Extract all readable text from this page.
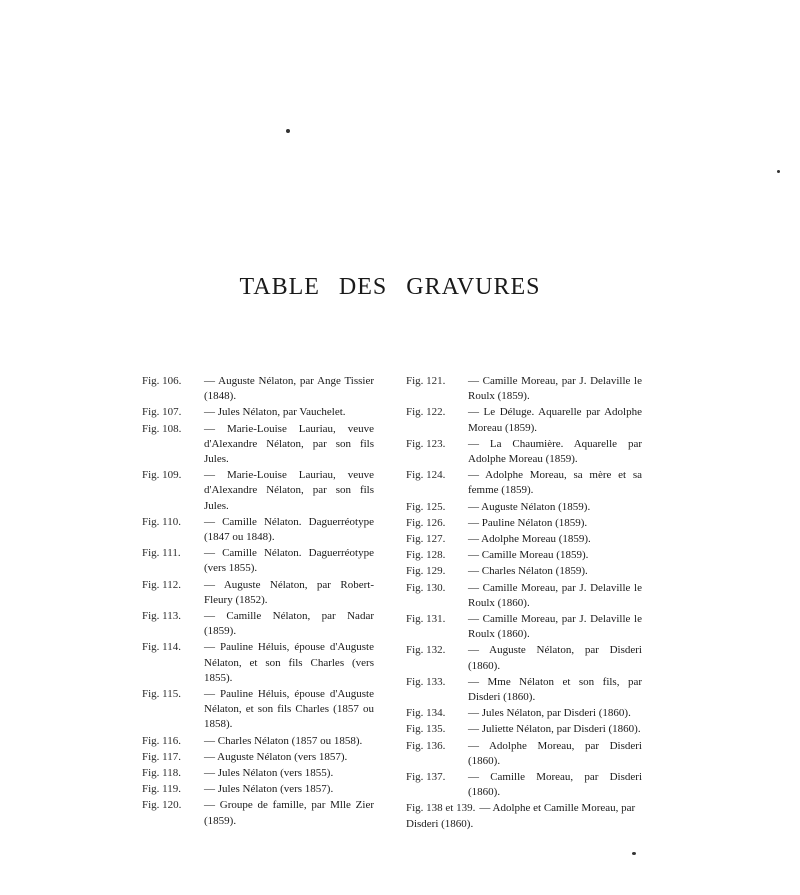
TABLE DES GRAVURES
Fig. 106.	— Auguste Nélaton, par Ange Tissier (1848).
Fig. 107.	— Jules Nélaton, par Vauchelet.
Fig. 108.	— Marie-Louise Lauriau, veuve d'Alexandre Nélaton, par son fils Jules.
Fig. 109.	— Marie-Louise Lauriau, veuve d'Alexandre Nélaton, par son fils Jules.
Fig. 110.	— Camille Nélaton. Daguerréotype (1847 ou 1848).
Fig. 111.	— Camille Nélaton. Daguerréotype (vers 1855).
Fig. 112.	— Auguste Nélaton, par Robert-Fleury (1852).
Fig. 113.	— Camille Nélaton, par Nadar (1859).
Fig. 114.	— Pauline Héluis, épouse d'Auguste Nélaton, et son fils Charles (vers 1855).
Fig. 115.	— Pauline Héluis, épouse d'Auguste Nélaton, et son fils Charles (1857 ou 1858).
Fig. 116.	— Charles Nélaton (1857 ou 1858).
Fig. 117.	— Auguste Nélaton (vers 1857).
Fig. 118.	— Jules Nélaton (vers 1855).
Fig. 119.	— Jules Nélaton (vers 1857).
Fig. 120.	— Groupe de famille, par Mlle Zier (1859).
Fig. 121.	— Camille Moreau, par J. Delaville le Roulx (1859).
Fig. 122.	— Le Déluge. Aquarelle par Adolphe Moreau (1859).
Fig. 123.	— La Chaumière. Aquarelle par Adolphe Moreau (1859).
Fig. 124.	— Adolphe Moreau, sa mère et sa femme (1859).
Fig. 125.	— Auguste Nélaton (1859).
Fig. 126.	— Pauline Nélaton (1859).
Fig. 127.	— Adolphe Moreau (1859).
Fig. 128.	— Camille Moreau (1859).
Fig. 129.	— Charles Nélaton (1859).
Fig. 130.	— Camille Moreau, par J. Delaville le Roulx (1860).
Fig. 131.	— Camille Moreau, par J. Delaville le Roulx (1860).
Fig. 132.	— Auguste Nélaton, par Disderi (1860).
Fig. 133.	— Mme Nélaton et son fils, par Disderi (1860).
Fig. 134.	— Jules Nélaton, par Disderi (1860).
Fig. 135.	— Juliette Nélaton, par Disderi (1860).
Fig. 136.	— Adolphe Moreau, par Disderi (1860).
Fig. 137.	— Camille Moreau, par Disderi (1860).
Fig. 138 et 139. — Adolphe et Camille Moreau, par Disderi (1860).
